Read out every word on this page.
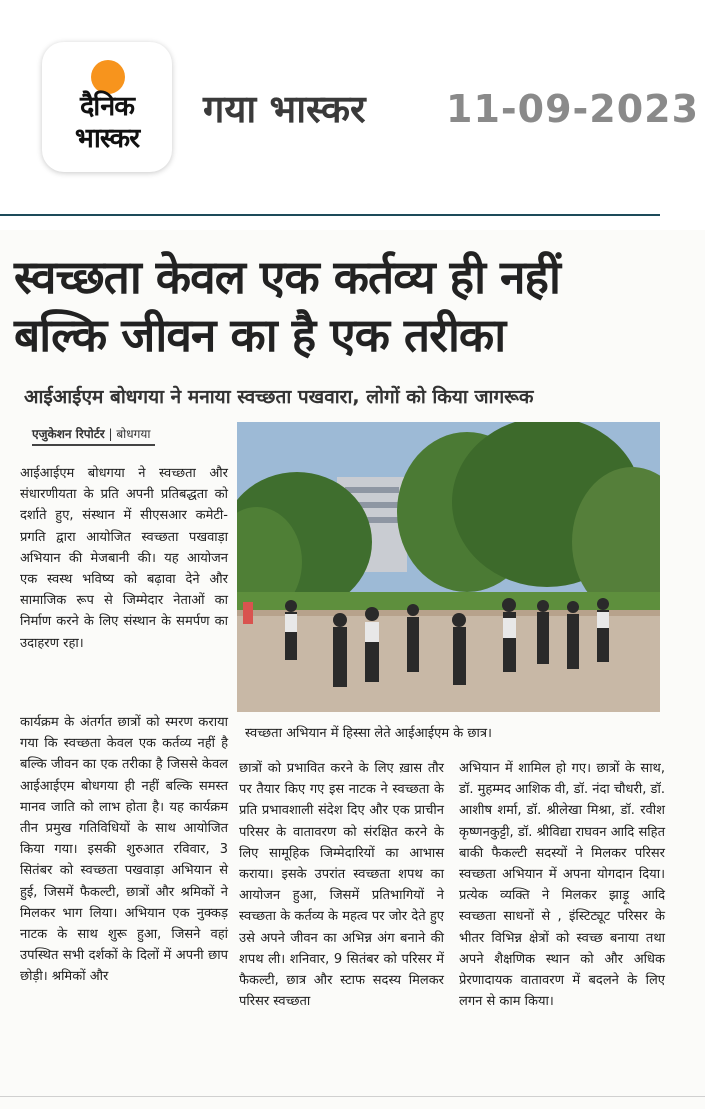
दैनिक
भास्कर
गया भास्कर 11-09-2023
स्वच्छता केवल एक कर्तव्य ही नहीं
बल्कि जीवन का है एक तरीका
आईआईएम बोधगया ने मनाया स्वच्छता पखवारा, लोगों को किया जागरूक
एजुकेशन रिपोर्टर | बोधगया

आईआईएम बोधगया ने स्वच्छता और संधारणीयता के प्रति अपनी प्रतिबद्धता को दर्शाते हुए, संस्थान में सीएसआर कमेटी- प्रगति द्वारा आयोजित स्वच्छता पखवाड़ा अभियान की मेजबानी की। यह आयोजन एक स्वस्थ भविष्य को बढ़ावा देने और सामाजिक रूप से जिम्मेदार नेताओं का निर्माण करने के लिए संस्थान के समर्पण का उदाहरण रहा।

कार्यक्रम के अंतर्गत छात्रों को स्मरण कराया गया कि स्वच्छता केवल एक कर्तव्य नहीं है बल्कि जीवन का एक तरीका है जिससे केवल आईआईएम बोधगया ही नहीं बल्कि समस्त मानव जाति को लाभ होता है। यह कार्यक्रम तीन प्रमुख गतिविधियों के साथ आयोजित किया गया। इसकी शुरुआत रविवार, 3 सितंबर को स्वच्छता पखवाड़ा अभियान से हुई, जिसमें फैकल्टी, छात्रों और श्रमिकों ने मिलकर भाग लिया। अभियान एक नुक्कड़ नाटक के साथ शुरू हुआ, जिसने वहां उपस्थित सभी दर्शकों के दिलों में अपनी छाप छोड़ी। श्रमिकों और

स्वच्छता अभियान में हिस्सा लेते आईआईएम के छात्र।

छात्रों को प्रभावित करने के लिए ख़ास तौर पर तैयार किए गए इस नाटक ने स्वच्छता के प्रति प्रभावशाली संदेश दिए और एक प्राचीन परिसर के वातावरण को संरक्षित करने के लिए सामूहिक जिम्मेदारियों का आभास कराया। इसके उपरांत स्वच्छता शपथ का आयोजन हुआ, जिसमें प्रतिभागियों ने स्वच्छता के कर्तव्य के महत्व पर जोर देते हुए उसे अपने जीवन का अभिन्न अंग बनाने की शपथ ली। शनिवार, 9 सितंबर को परिसर में फैकल्टी, छात्र और स्टाफ सदस्य मिलकर परिसर स्वच्छता

अभियान में शामिल हो गए। छात्रों के साथ, डॉ. मुहम्मद आशिक वी, डॉ. नंदा चौधरी, डॉ. आशीष शर्मा, डॉ. श्रीलेखा मिश्रा, डॉ. रवीश कृष्णनकुट्टी, डॉ. श्रीविद्या राघवन आदि सहित बाकी फैकल्टी सदस्यों ने मिलकर परिसर स्वच्छता अभियान में अपना योगदान दिया। प्रत्येक व्यक्ति ने मिलकर झाड़ू आदि स्वच्छता साधनों से , इंस्टिट्यूट परिसर के भीतर विभिन्न क्षेत्रों को स्वच्छ बनाया तथा अपने शैक्षणिक स्थान को और अधिक प्रेरणादायक वातावरण में बदलने के लिए लगन से काम किया।
